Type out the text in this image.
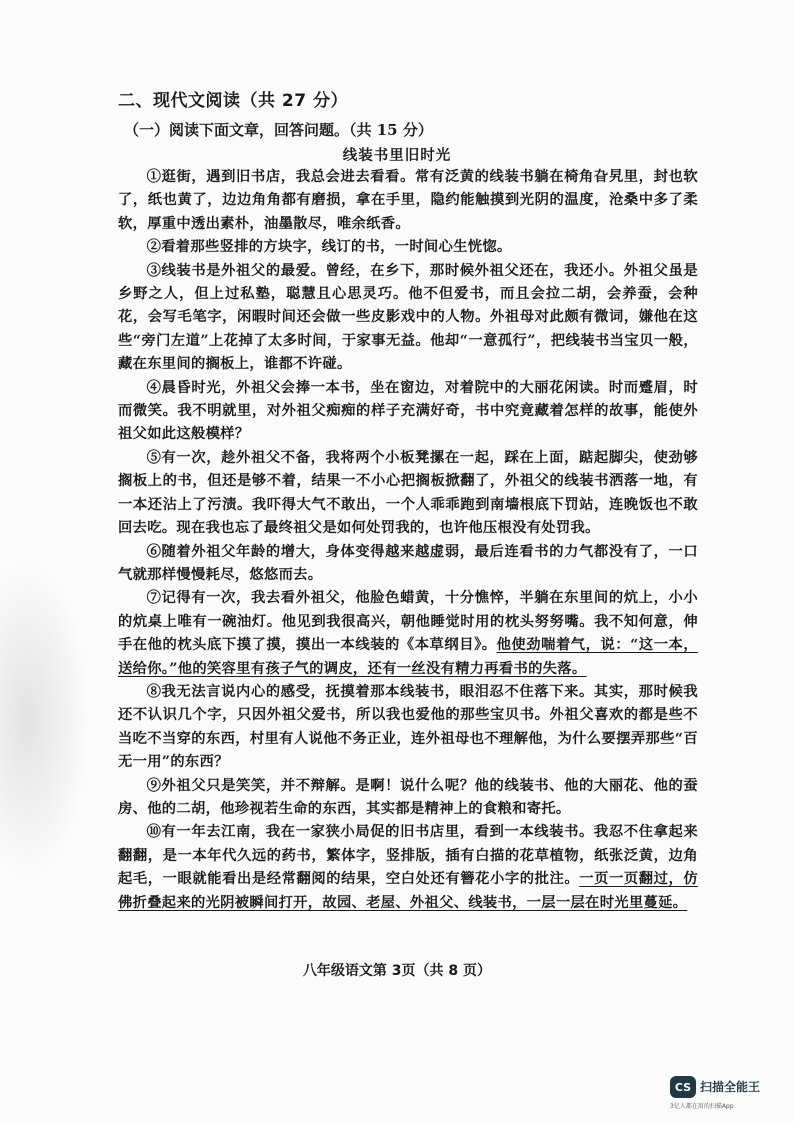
二、现代文阅读（共 27 分）
（一）阅读下面文章，回答问题。（共 15 分）
线装书里旧时光

①逛街，遇到旧书店，我总会进去看看。常有泛黄的线装书躺在椅角旮旯里，封也软了，纸也黄了，边边角角都有磨损，拿在手里，隐约能触摸到光阴的温度，沧桑中多了柔软，厚重中透出素朴，油墨散尽，唯余纸香。

②看着那些竖排的方块字，线订的书，一时间心生恍惚。

③线装书是外祖父的最爱。曾经，在乡下，那时候外祖父还在，我还小。外祖父虽是乡野之人，但上过私塾，聪慧且心思灵巧。他不但爱书，而且会拉二胡，会养蚕，会种花，会写毛笔字，闲暇时间还会做一些皮影戏中的人物。外祖母对此颇有微词，嫌他在这些“旁门左道”上花掉了太多时间，于家事无益。他却“一意孤行”，把线装书当宝贝一般，藏在东里间的搁板上，谁都不许碰。

④晨昏时光，外祖父会捧一本书，坐在窗边，对着院中的大丽花闲读。时而蹙眉，时而微笑。我不明就里，对外祖父痴痴的样子充满好奇，书中究竟藏着怎样的故事，能使外祖父如此这般模样？

⑤有一次，趁外祖父不备，我将两个小板凳摞在一起，踩在上面，踮起脚尖，使劲够搁板上的书，但还是够不着，结果一不小心把搁板掀翻了，外祖父的线装书洒落一地，有一本还沾上了污渍。我吓得大气不敢出，一个人乖乖跑到南墙根底下罚站，连晚饭也不敢回去吃。现在我也忘了最终祖父是如何处罚我的，也许他压根没有处罚我。

⑥随着外祖父年龄的增大，身体变得越来越虚弱，最后连看书的力气都没有了，一口气就那样慢慢耗尽，悠悠而去。

⑦记得有一次，我去看外祖父，他脸色蜡黄，十分憔悴，半躺在东里间的炕上，小小的炕桌上唯有一碗油灯。他见到我很高兴，朝他睡觉时用的枕头努努嘴。我不知何意，伸手在他的枕头底下摸了摸，摸出一本线装的《本草纲目》。他使劲喘着气，说：“这一本，送给你。”他的笑容里有孩子气的调皮，还有一丝没有精力再看书的失落。

⑧我无法言说内心的感受，抚摸着那本线装书，眼泪忍不住落下来。其实，那时候我还不认识几个字，只因外祖父爱书，所以我也爱他的那些宝贝书。外祖父喜欢的都是些不当吃不当穿的东西，村里有人说他不务正业，连外祖母也不理解他，为什么要摆弄那些“百无一用”的东西？

⑨外祖父只是笑笑，并不辩解。是啊！说什么呢？他的线装书、他的大丽花、他的蚕房、他的二胡，他珍视若生命的东西，其实都是精神上的食粮和寄托。

⑩有一年去江南，我在一家狭小局促的旧书店里，看到一本线装书。我忍不住拿起来翻翻，是一本年代久远的药书，繁体字，竖排版，插有白描的花草植物，纸张泛黄，边角起毛，一眼就能看出是经常翻阅的结果，空白处还有簪花小字的批注。一页一页翻过，仿佛折叠起来的光阴被瞬间打开，故园、老屋、外祖父、线装书，一层一层在时光里蔓延。

八年级语文第 3页（共 8 页）
CS 扫描全能王
3亿人都在用的扫描App
